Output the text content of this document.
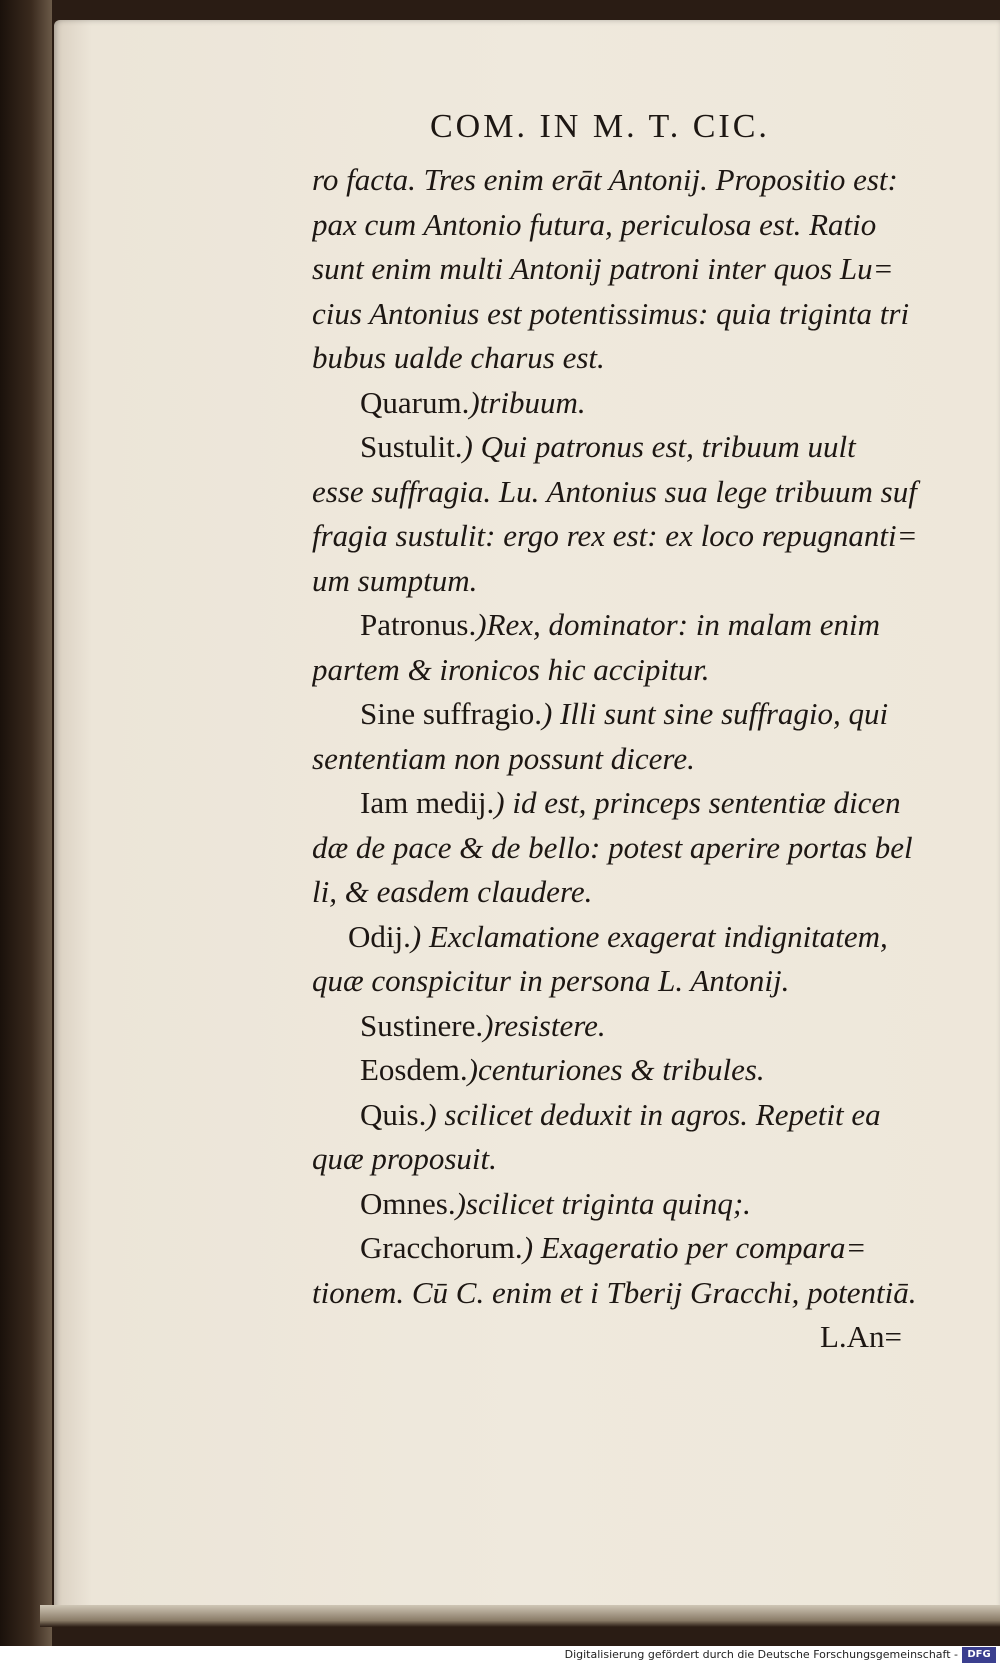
COM. IN M. T. CIC.
ro facta. Tres enim erāt Antonij. Propositio est:
pax cum Antonio futura, periculosa est. Ratio
sunt enim multi Antonij patroni inter quos Lu=
cius Antonius est potentissimus: quia triginta tri
bubus ualde charus est.
Quarum.)tribuum.
Sustulit.) Qui patronus est, tribuum uult
esse suffragia. Lu. Antonius sua lege tribuum suf
fragia sustulit: ergo rex est: ex loco repugnanti=
um sumptum.
Patronus.)Rex, dominator: in malam enim
partem & ironicos hic accipitur.
Sine suffragio.) Illi sunt sine suffragio, qui
sententiam non possunt dicere.
Iam medij.) id est, princeps sententiæ dicen
dæ de pace & de bello: potest aperire portas bel
li, & easdem claudere.
Odij.) Exclamatione exagerat indignitatem,
quæ conspicitur in persona L. Antonij.
Sustinere.)resistere.
Eosdem.)centuriones & tribules.
Quis.) scilicet deduxit in agros. Repetit ea
quæ proposuit.
Omnes.)scilicet triginta quinq;.
Gracchorum.) Exageratio per compara=
tionem. Cū C. enim et i Tberij Gracchi, potentiā.
L.An=
Digitalisierung gefördert durch die Deutsche Forschungsgemeinschaft - DFG
